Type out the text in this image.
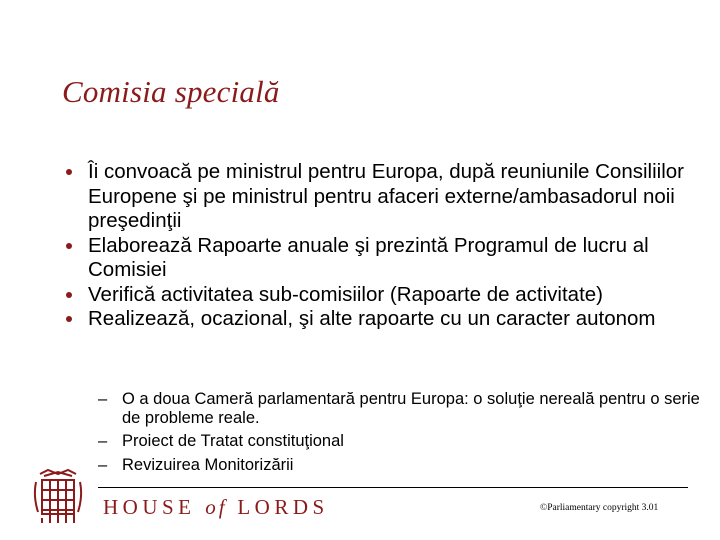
Comisia specială
Îi convoacă pe ministrul pentru Europa, după reuniunile Consiliilor Europene şi pe ministrul pentru afaceri externe/ambasadorul noii preşedinţii
Elaborează Rapoarte anuale şi prezintă Programul de lucru al Comisiei
Verifică activitatea sub-comisiilor (Rapoarte de activitate)
Realizează, ocazional, şi alte rapoarte cu un caracter autonom
– O a doua Cameră parlamentară pentru Europa: o soluţie nereală pentru o serie de probleme reale.
– Proiect de Tratat constituţional
– Revizuirea Monitorizării
HOUSE of LORDS	©Parliamentary copyright 3.01
